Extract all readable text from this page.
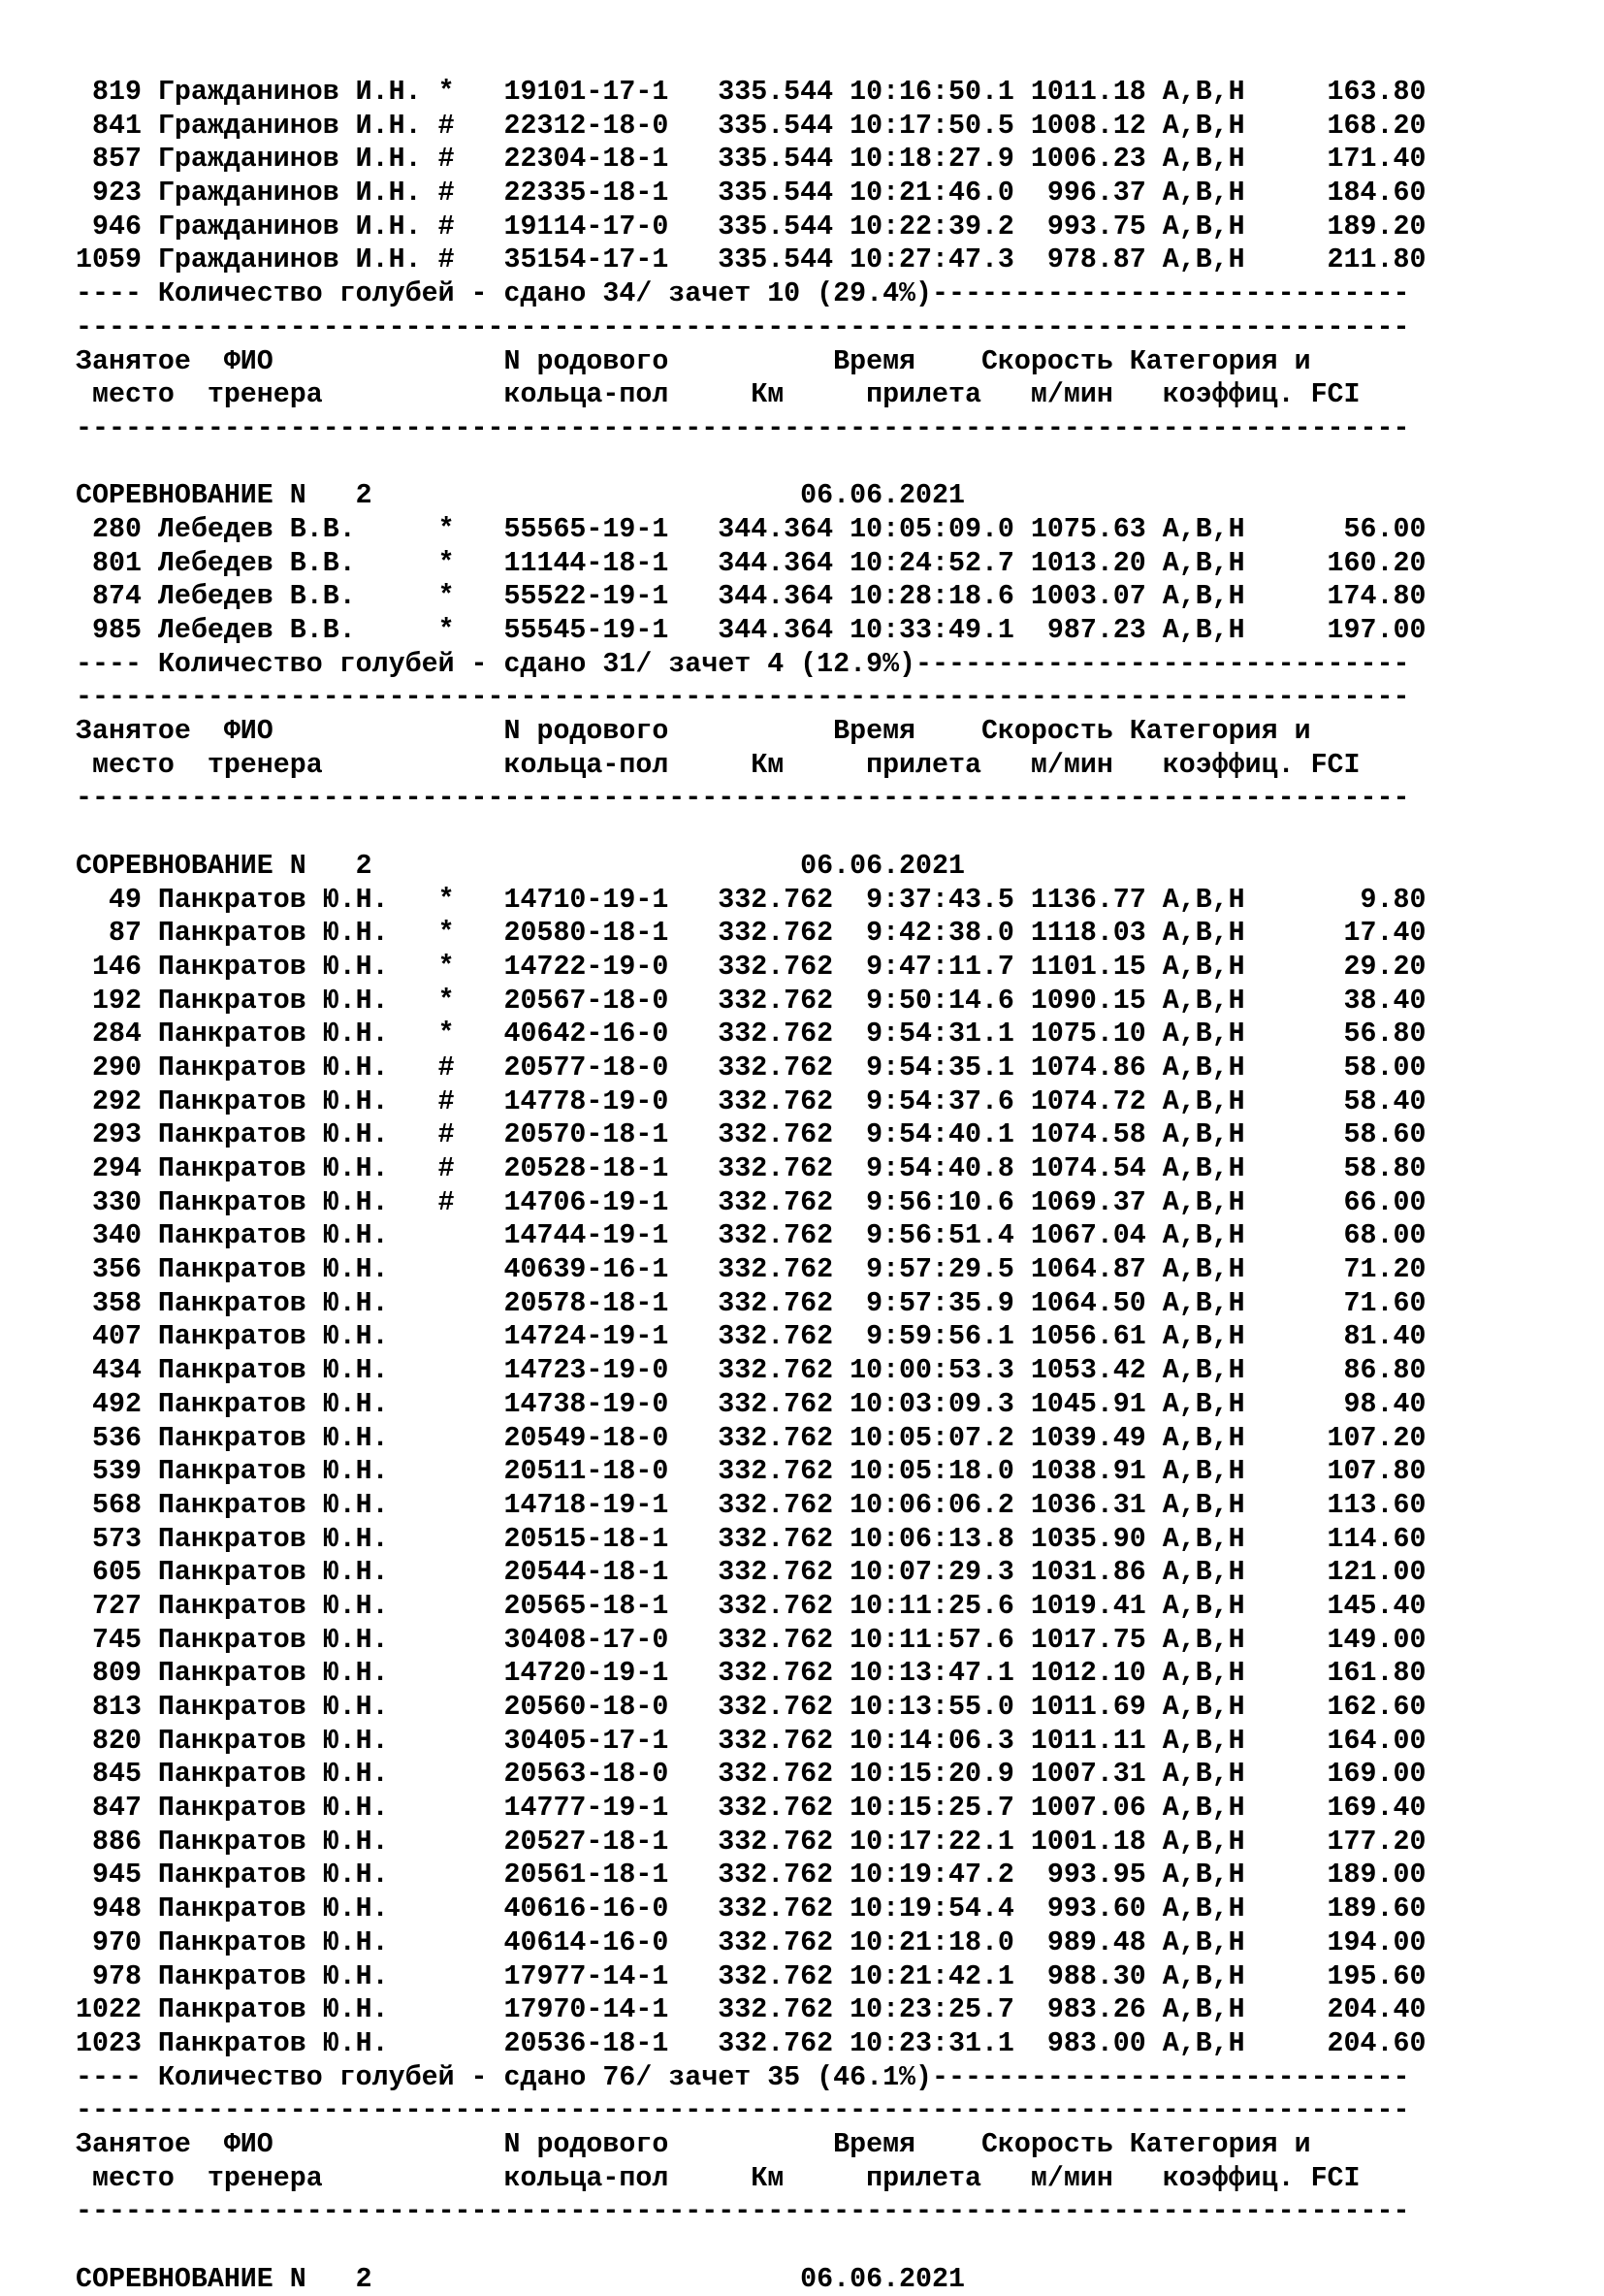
819 Гражданинов И.Н. *   19101-17-1   335.544 10:16:50.1 1011.18 A,B,H     163.80
841 Гражданинов И.Н. #   22312-18-0   335.544 10:17:50.5 1008.12 A,B,H     168.20
857 Гражданинов И.Н. #   22304-18-1   335.544 10:18:27.9 1006.23 A,B,H     171.40
923 Гражданинов И.Н. #   22335-18-1   335.544 10:21:46.0  996.37 A,B,H     184.60
946 Гражданинов И.Н. #   19114-17-0   335.544 10:22:39.2  993.75 A,B,H     189.20
1059 Гражданинов И.Н. #   35154-17-1   335.544 10:27:47.3  978.87 A,B,H     211.80
---- Количество голубей - сдано 34/ зачет 10 (29.4%)-----------------------------
---------------------------------------------------------------------------------
Занятое  ФИО              N родового          Время    Скорость Категория и
место  тренера           кольца-пол     Км     прилета   м/мин   коэффиц. FCI
---------------------------------------------------------------------------------
СОРЕВНОВАНИЕ N   2                          06.06.2021
280 Лебедев В.В.     *   55565-19-1   344.364 10:05:09.0 1075.63 A,B,H      56.00
801 Лебедев В.В.     *   11144-18-1   344.364 10:24:52.7 1013.20 A,B,H     160.20
874 Лебедев В.В.     *   55522-19-1   344.364 10:28:18.6 1003.07 A,B,H     174.80
985 Лебедев В.В.     *   55545-19-1   344.364 10:33:49.1  987.23 A,B,H     197.00
---- Количество голубей - сдано 31/ зачет 4 (12.9%)------------------------------
---------------------------------------------------------------------------------
Занятое  ФИО              N родового          Время    Скорость Категория и
место  тренера           кольца-пол     Км     прилета   м/мин   коэффиц. FCI
---------------------------------------------------------------------------------
СОРЕВНОВАНИЕ N   2                          06.06.2021
49 Панкратов Ю.Н.   *   14710-19-1   332.762  9:37:43.5 1136.77 A,B,H       9.80
87 Панкратов Ю.Н.   *   20580-18-1   332.762  9:42:38.0 1118.03 A,B,H      17.40
146 Панкратов Ю.Н.   *   14722-19-0   332.762  9:47:11.7 1101.15 A,B,H      29.20
192 Панкратов Ю.Н.   *   20567-18-0   332.762  9:50:14.6 1090.15 A,B,H      38.40
284 Панкратов Ю.Н.   *   40642-16-0   332.762  9:54:31.1 1075.10 A,B,H      56.80
290 Панкратов Ю.Н.   #   20577-18-0   332.762  9:54:35.1 1074.86 A,B,H      58.00
292 Панкратов Ю.Н.   #   14778-19-0   332.762  9:54:37.6 1074.72 A,B,H      58.40
293 Панкратов Ю.Н.   #   20570-18-1   332.762  9:54:40.1 1074.58 A,B,H      58.60
294 Панкратов Ю.Н.   #   20528-18-1   332.762  9:54:40.8 1074.54 A,B,H      58.80
330 Панкратов Ю.Н.   #   14706-19-1   332.762  9:56:10.6 1069.37 A,B,H      66.00
340 Панкратов Ю.Н.       14744-19-1   332.762  9:56:51.4 1067.04 A,B,H      68.00
356 Панкратов Ю.Н.       40639-16-1   332.762  9:57:29.5 1064.87 A,B,H      71.20
358 Панкратов Ю.Н.       20578-18-1   332.762  9:57:35.9 1064.50 A,B,H      71.60
407 Панкратов Ю.Н.       14724-19-1   332.762  9:59:56.1 1056.61 A,B,H      81.40
434 Панкратов Ю.Н.       14723-19-0   332.762 10:00:53.3 1053.42 A,B,H      86.80
492 Панкратов Ю.Н.       14738-19-0   332.762 10:03:09.3 1045.91 A,B,H      98.40
536 Панкратов Ю.Н.       20549-18-0   332.762 10:05:07.2 1039.49 A,B,H     107.20
539 Панкратов Ю.Н.       20511-18-0   332.762 10:05:18.0 1038.91 A,B,H     107.80
568 Панкратов Ю.Н.       14718-19-1   332.762 10:06:06.2 1036.31 A,B,H     113.60
573 Панкратов Ю.Н.       20515-18-1   332.762 10:06:13.8 1035.90 A,B,H     114.60
605 Панкратов Ю.Н.       20544-18-1   332.762 10:07:29.3 1031.86 A,B,H     121.00
727 Панкратов Ю.Н.       20565-18-1   332.762 10:11:25.6 1019.41 A,B,H     145.40
745 Панкратов Ю.Н.       30408-17-0   332.762 10:11:57.6 1017.75 A,B,H     149.00
809 Панкратов Ю.Н.       14720-19-1   332.762 10:13:47.1 1012.10 A,B,H     161.80
813 Панкратов Ю.Н.       20560-18-0   332.762 10:13:55.0 1011.69 A,B,H     162.60
820 Панкратов Ю.Н.       30405-17-1   332.762 10:14:06.3 1011.11 A,B,H     164.00
845 Панкратов Ю.Н.       20563-18-0   332.762 10:15:20.9 1007.31 A,B,H     169.00
847 Панкратов Ю.Н.       14777-19-1   332.762 10:15:25.7 1007.06 A,B,H     169.40
886 Панкратов Ю.Н.       20527-18-1   332.762 10:17:22.1 1001.18 A,B,H     177.20
945 Панкратов Ю.Н.       20561-18-1   332.762 10:19:47.2  993.95 A,B,H     189.00
948 Панкратов Ю.Н.       40616-16-0   332.762 10:19:54.4  993.60 A,B,H     189.60
970 Панкратов Ю.Н.       40614-16-0   332.762 10:21:18.0  989.48 A,B,H     194.00
978 Панкратов Ю.Н.       17977-14-1   332.762 10:21:42.1  988.30 A,B,H     195.60
1022 Панкратов Ю.Н.       17970-14-1   332.762 10:23:25.7  983.26 A,B,H     204.40
1023 Панкратов Ю.Н.       20536-18-1   332.762 10:23:31.1  983.00 A,B,H     204.60
---- Количество голубей - сдано 76/ зачет 35 (46.1%)-----------------------------
---------------------------------------------------------------------------------
Занятое  ФИО              N родового          Время    Скорость Категория и
место  тренера           кольца-пол     Км     прилета   м/мин   коэффиц. FCI
---------------------------------------------------------------------------------
СОРЕВНОВАНИЕ N   2                          06.06.2021
